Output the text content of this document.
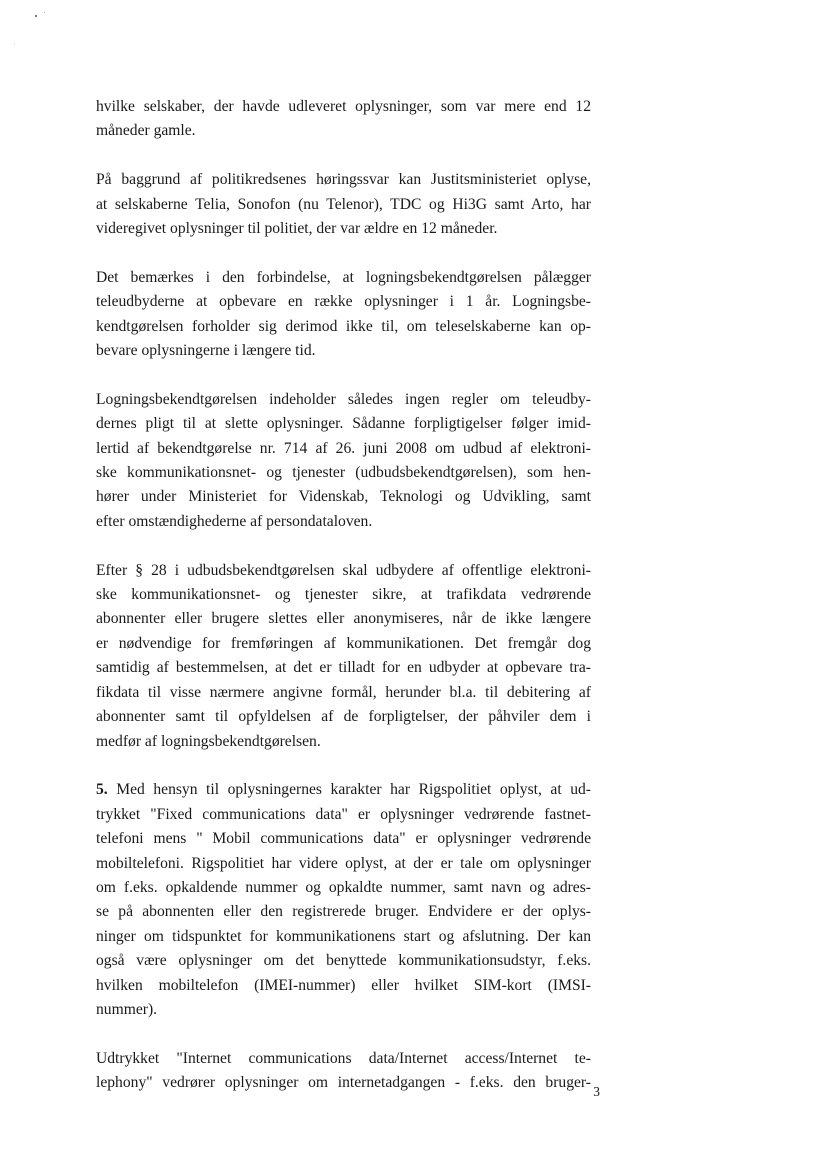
hvilke selskaber, der havde udleveret oplysninger, som var mere end 12
måneder gamle.

På baggrund af politikredsenes høringssvar kan Justitsministeriet oplyse,
at selskaberne Telia, Sonofon (nu Telenor), TDC og Hi3G samt Arto, har
videregivet oplysninger til politiet, der var ældre en 12 måneder.

Det bemærkes i den forbindelse, at logningsbekendtgørelsen pålægger
teleudbyderne at opbevare en række oplysninger i 1 år. Logningsbe-
kendtgørelsen forholder sig derimod ikke til, om teleselskaberne kan op-
bevare oplysningerne i længere tid.

Logningsbekendtgørelsen indeholder således ingen regler om teleudby-
dernes pligt til at slette oplysninger. Sådanne forpligtigelser følger imid-
lertid af bekendtgørelse nr. 714 af 26. juni 2008 om udbud af elektroni-
ske kommunikationsnet- og tjenester (udbudsbekendtgørelsen), som hen-
hører under Ministeriet for Videnskab, Teknologi og Udvikling, samt
efter omstændighederne af persondataloven.

Efter § 28 i udbudsbekendtgørelsen skal udbydere af offentlige elektroni-
ske kommunikationsnet- og tjenester sikre, at trafikdata vedrørende
abonnenter eller brugere slettes eller anonymiseres, når de ikke længere
er nødvendige for fremføringen af kommunikationen. Det fremgår dog
samtidig af bestemmelsen, at det er tilladt for en udbyder at opbevare tra-
fikdata til visse nærmere angivne formål, herunder bl.a. til debitering af
abonnenter samt til opfyldelsen af de forpligtelser, der påhviler dem i
medfør af logningsbekendtgørelsen.

5. Med hensyn til oplysningernes karakter har Rigspolitiet oplyst, at ud-
trykket "Fixed communications data" er oplysninger vedrørende fastnet-
telefoni mens " Mobil communications data" er oplysninger vedrørende
mobiltelefoni. Rigspolitiet har videre oplyst, at der er tale om oplysninger
om f.eks. opkaldende nummer og opkaldte nummer, samt navn og adres-
se på abonnenten eller den registrerede bruger. Endvidere er der oplys-
ninger om tidspunktet for kommunikationens start og afslutning. Der kan
også være oplysninger om det benyttede kommunikationsudstyr, f.eks.
hvilken mobiltelefon (IMEI-nummer) eller hvilket SIM-kort (IMSI-
nummer).

Udtrykket "Internet communications data/Internet access/Internet te-
lephony" vedrører oplysninger om internetadgangen - f.eks. den bruger-

3
